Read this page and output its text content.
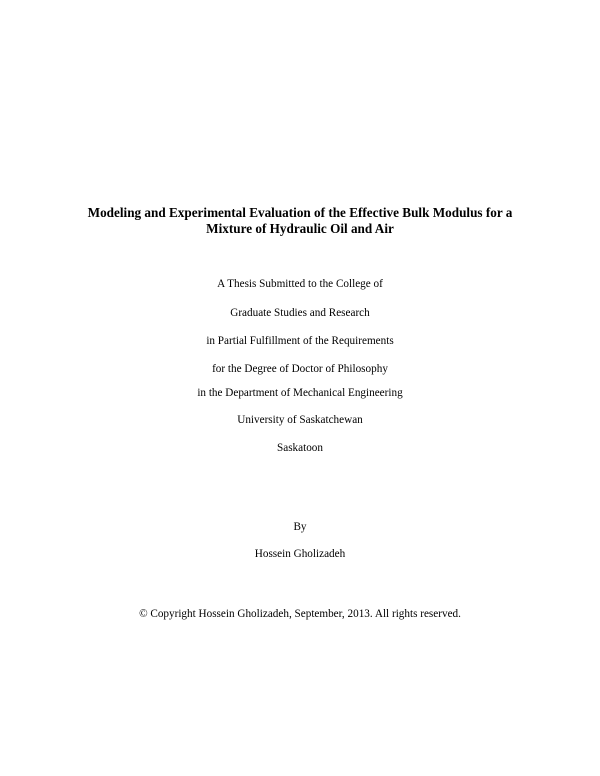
Modeling and Experimental Evaluation of the Effective Bulk Modulus for a
Mixture of Hydraulic Oil and Air
A Thesis Submitted to the College of
Graduate Studies and Research
in Partial Fulfillment of the Requirements
for the Degree of Doctor of Philosophy
in the Department of Mechanical Engineering
University of Saskatchewan
Saskatoon
By
Hossein Gholizadeh
© Copyright Hossein Gholizadeh, September, 2013. All rights reserved.
